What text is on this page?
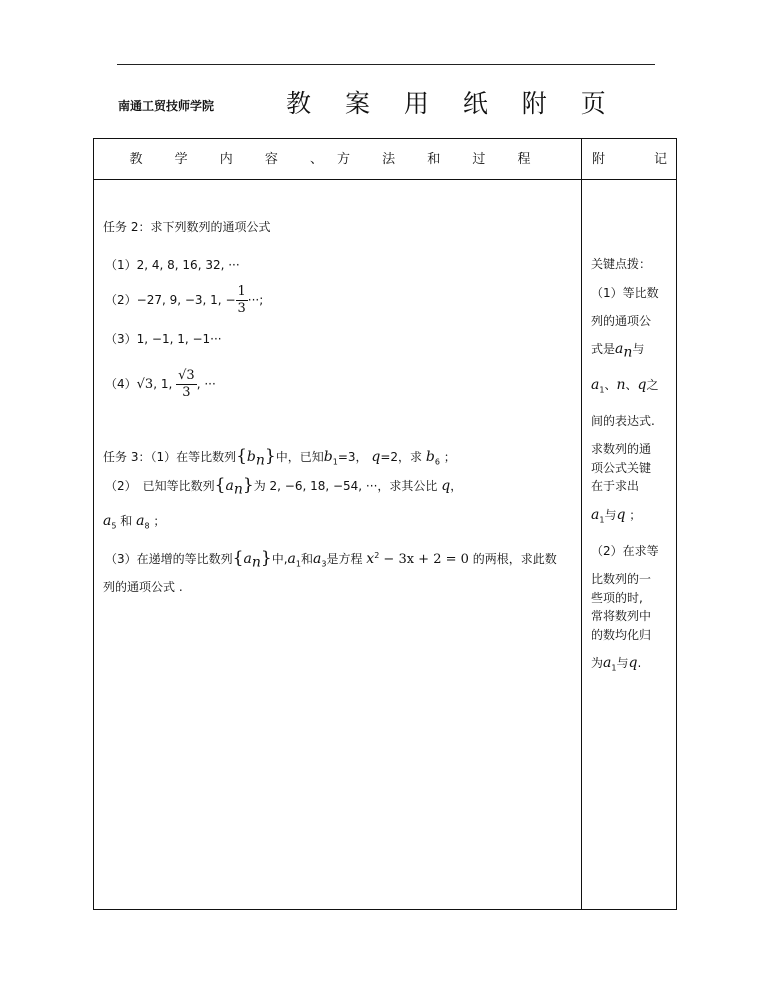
南通工贸技师学院	教 案 用 纸 附 页
教 学 内 容 、方 法 和 过 程	附	记
任务 2：求下列数列的通项公式
（1）2, 4, 8, 16, 32, ···
（2）−27, 9, −3, 1, − $\frac{1}{3}$ ···;
（3）1, −1, 1, −1···
（4）√3, 1, $\frac{√3}{3}$ , ···
任务 3：（1）在等比数列$\{b_n\}$中，已知$b_1=3$， q=2，求 $b_6$ ；
（2）　已知等比数列$\{a_n\}$为 2, −6, 18, −54, ···，求其公比 q，
$a_5$ 和 $a_8$ ；
（3）在递增的等比数列$\{a_n\}$中$,a_1$和$a_3$是方程 $x^2 - 3x + 2 = 0$ 的两根，求此数
列的通项公式 .
关键点拨：
（1）等比数
列的通项公
式是$a_n$与
$a_1$、n、q之
间的表达式.
求数列的通
项公式关键
在于求出
$a_1$与q ；
（2）在求等
比数列的一
些项的时,
常将数列中
的数均化归
为$a_1$与q.
